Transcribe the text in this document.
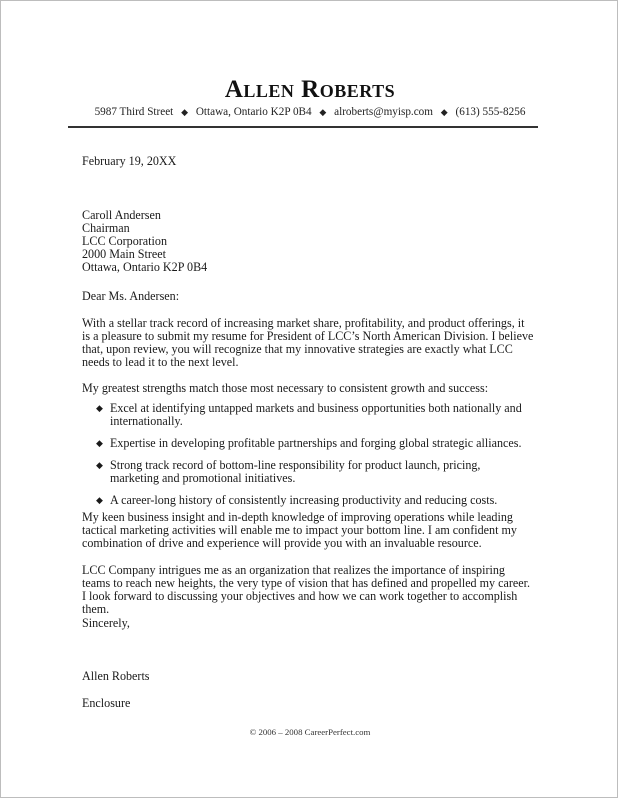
Allen Roberts
5987 Third Street ◆ Ottawa, Ontario K2P 0B4 ◆ alroberts@myisp.com ◆ (613) 555-8256
February 19, 20XX
Caroll Andersen
Chairman
LCC Corporation
2000 Main Street
Ottawa, Ontario K2P 0B4
Dear Ms. Andersen:
With a stellar track record of increasing market share, profitability, and product offerings, it is a pleasure to submit my resume for President of LCC’s North American Division. I believe that, upon review, you will recognize that my innovative strategies are exactly what LCC needs to lead it to the next level.
My greatest strengths match those most necessary to consistent growth and success:
◆ Excel at identifying untapped markets and business opportunities both nationally and internationally.
◆ Expertise in developing profitable partnerships and forging global strategic alliances.
◆ Strong track record of bottom-line responsibility for product launch, pricing, marketing and promotional initiatives.
◆ A career-long history of consistently increasing productivity and reducing costs.
My keen business insight and in-depth knowledge of improving operations while leading tactical marketing activities will enable me to impact your bottom line. I am confident my combination of drive and experience will provide you with an invaluable resource.
LCC Company intrigues me as an organization that realizes the importance of inspiring teams to reach new heights, the very type of vision that has defined and propelled my career. I look forward to discussing your objectives and how we can work together to accomplish them.
Sincerely,
Allen Roberts
Enclosure
© 2006 – 2008 CareerPerfect.com
